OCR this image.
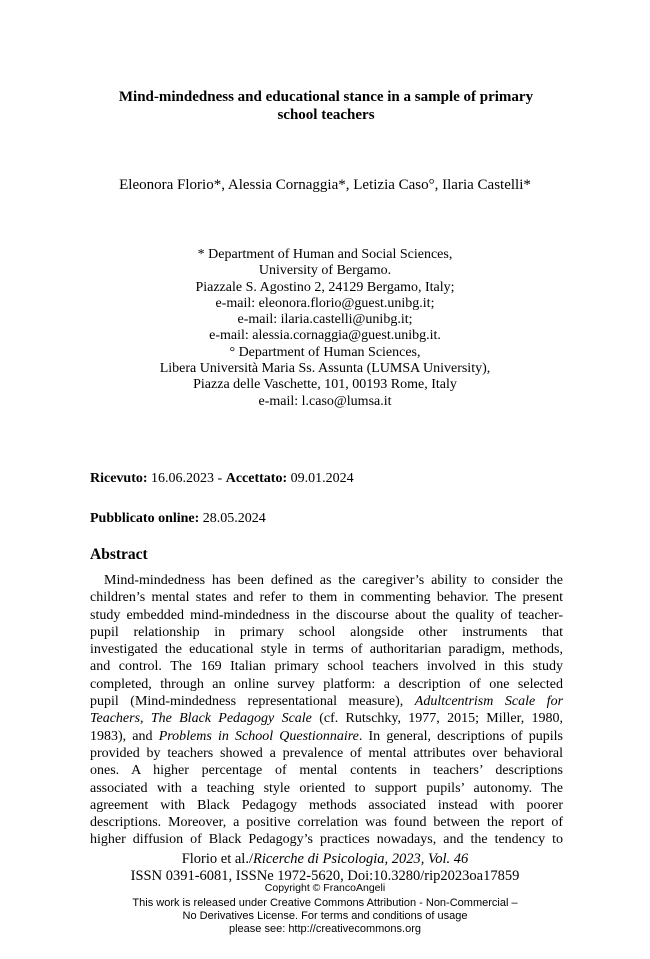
Mind-mindedness and educational stance in a sample of primary
school teachers
Eleonora Florio*, Alessia Cornaggia*, Letizia Caso°, Ilaria Castelli*
* Department of Human and Social Sciences,
University of Bergamo.
Piazzale S. Agostino 2, 24129 Bergamo, Italy;
e-mail: eleonora.florio@guest.unibg.it;
e-mail: ilaria.castelli@unibg.it;
e-mail: alessia.cornaggia@guest.unibg.it.
° Department of Human Sciences,
Libera Università Maria Ss. Assunta (LUMSA University),
Piazza delle Vaschette, 101, 00193 Rome, Italy
e-mail: l.caso@lumsa.it
Ricevuto: 16.06.2023 - Accettato: 09.01.2024
Pubblicato online: 28.05.2024
Abstract
Mind-mindedness has been defined as the caregiver’s ability to consider the
children’s mental states and refer to them in commenting behavior. The present
study embedded mind-mindedness in the discourse about the quality of teacher-
pupil relationship in primary school alongside other instruments that
investigated the educational style in terms of authoritarian paradigm, methods,
and control. The 169 Italian primary school teachers involved in this study
completed, through an online survey platform: a description of one selected
pupil (Mind-mindedness representational measure), Adultcentrism Scale for
Teachers, The Black Pedagogy Scale (cf. Rutschky, 1977, 2015; Miller, 1980,
1983), and Problems in School Questionnaire. In general, descriptions of pupils
provided by teachers showed a prevalence of mental attributes over behavioral
ones. A higher percentage of mental contents in teachers’ descriptions
associated with a teaching style oriented to support pupils’ autonomy. The
agreement with Black Pedagogy methods associated instead with poorer
descriptions. Moreover, a positive correlation was found between the report of
higher diffusion of Black Pedagogy’s practices nowadays, and the tendency to
Florio et al./Ricerche di Psicologia, 2023, Vol. 46
ISSN 0391-6081, ISSNe 1972-5620, Doi:10.3280/rip2023oa17859
Copyright © FrancoAngeli
This work is released under Creative Commons Attribution - Non-Commercial –
No Derivatives License. For terms and conditions of usage
please see: http://creativecommons.org
